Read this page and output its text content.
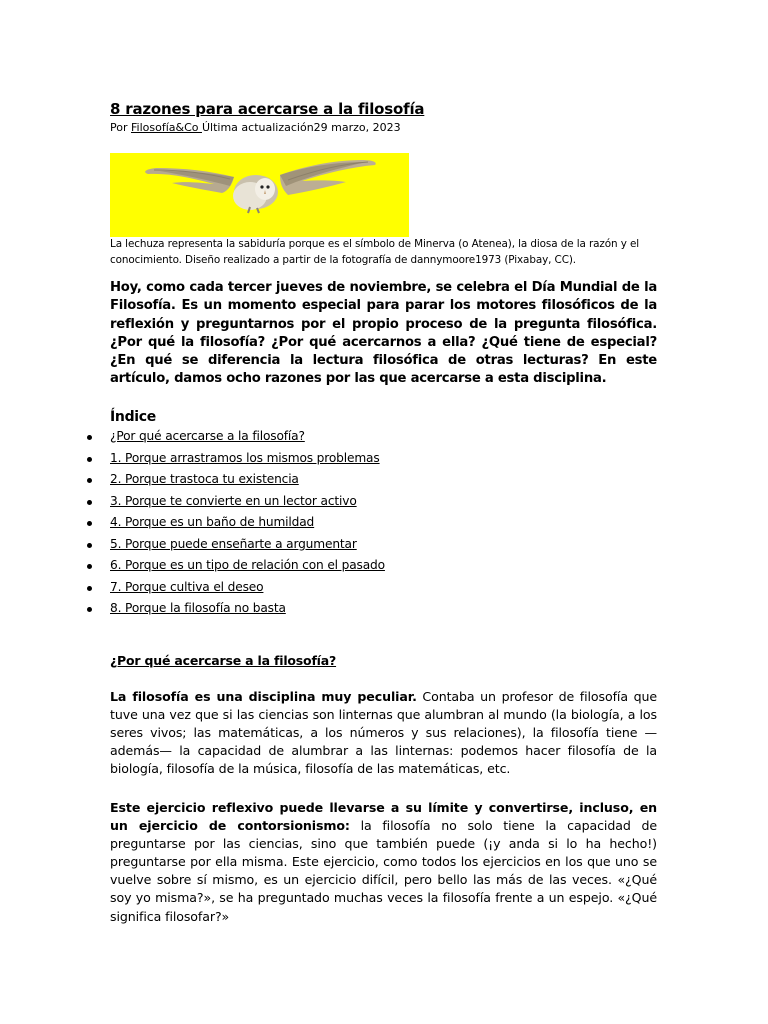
8 razones para acercarse a la filosofía
Por Filosofía&Co Última actualización29 marzo, 2023
La lechuza representa la sabiduría porque es el símbolo de Minerva (o Atenea), la diosa de la razón y el conocimiento. Diseño realizado a partir de la fotografía de dannymoore1973 (Pixabay, CC).

Hoy, como cada tercer jueves de noviembre, se celebra el Día Mundial de la Filosofía. Es un momento especial para parar los motores filosóficos de la reflexión y preguntarnos por el propio proceso de la pregunta filosófica. ¿Por qué la filosofía? ¿Por qué acercarnos a ella? ¿Qué tiene de especial? ¿En qué se diferencia la lectura filosófica de otras lecturas? En este artículo, damos ocho razones por las que acercarse a esta disciplina.

Índice
¿Por qué acercarse a la filosofía?
1. Porque arrastramos los mismos problemas
2. Porque trastoca tu existencia
3. Porque te convierte en un lector activo
4. Porque es un baño de humildad
5. Porque puede enseñarte a argumentar
6. Porque es un tipo de relación con el pasado
7. Porque cultiva el deseo
8. Porque la filosofía no basta
¿Por qué acercarse a la filosofía?

La filosofía es una disciplina muy peculiar. Contaba un profesor de filosofía que tuve una vez que si las ciencias son linternas que alumbran al mundo (la biología, a los seres vivos; las matemáticas, a los números y sus relaciones), la filosofía tiene —además— la capacidad de alumbrar a las linternas: podemos hacer filosofía de la biología, filosofía de la música, filosofía de las matemáticas, etc.

Este ejercicio reflexivo puede llevarse a su límite y convertirse, incluso, en un ejercicio de contorsionismo: la filosofía no solo tiene la capacidad de preguntarse por las ciencias, sino que también puede (¡y anda si lo ha hecho!) preguntarse por ella misma. Este ejercicio, como todos los ejercicios en los que uno se vuelve sobre sí mismo, es un ejercicio difícil, pero bello las más de las veces. «¿Qué soy yo misma?», se ha preguntado muchas veces la filosofía frente a un espejo. «¿Qué significa filosofar?»
